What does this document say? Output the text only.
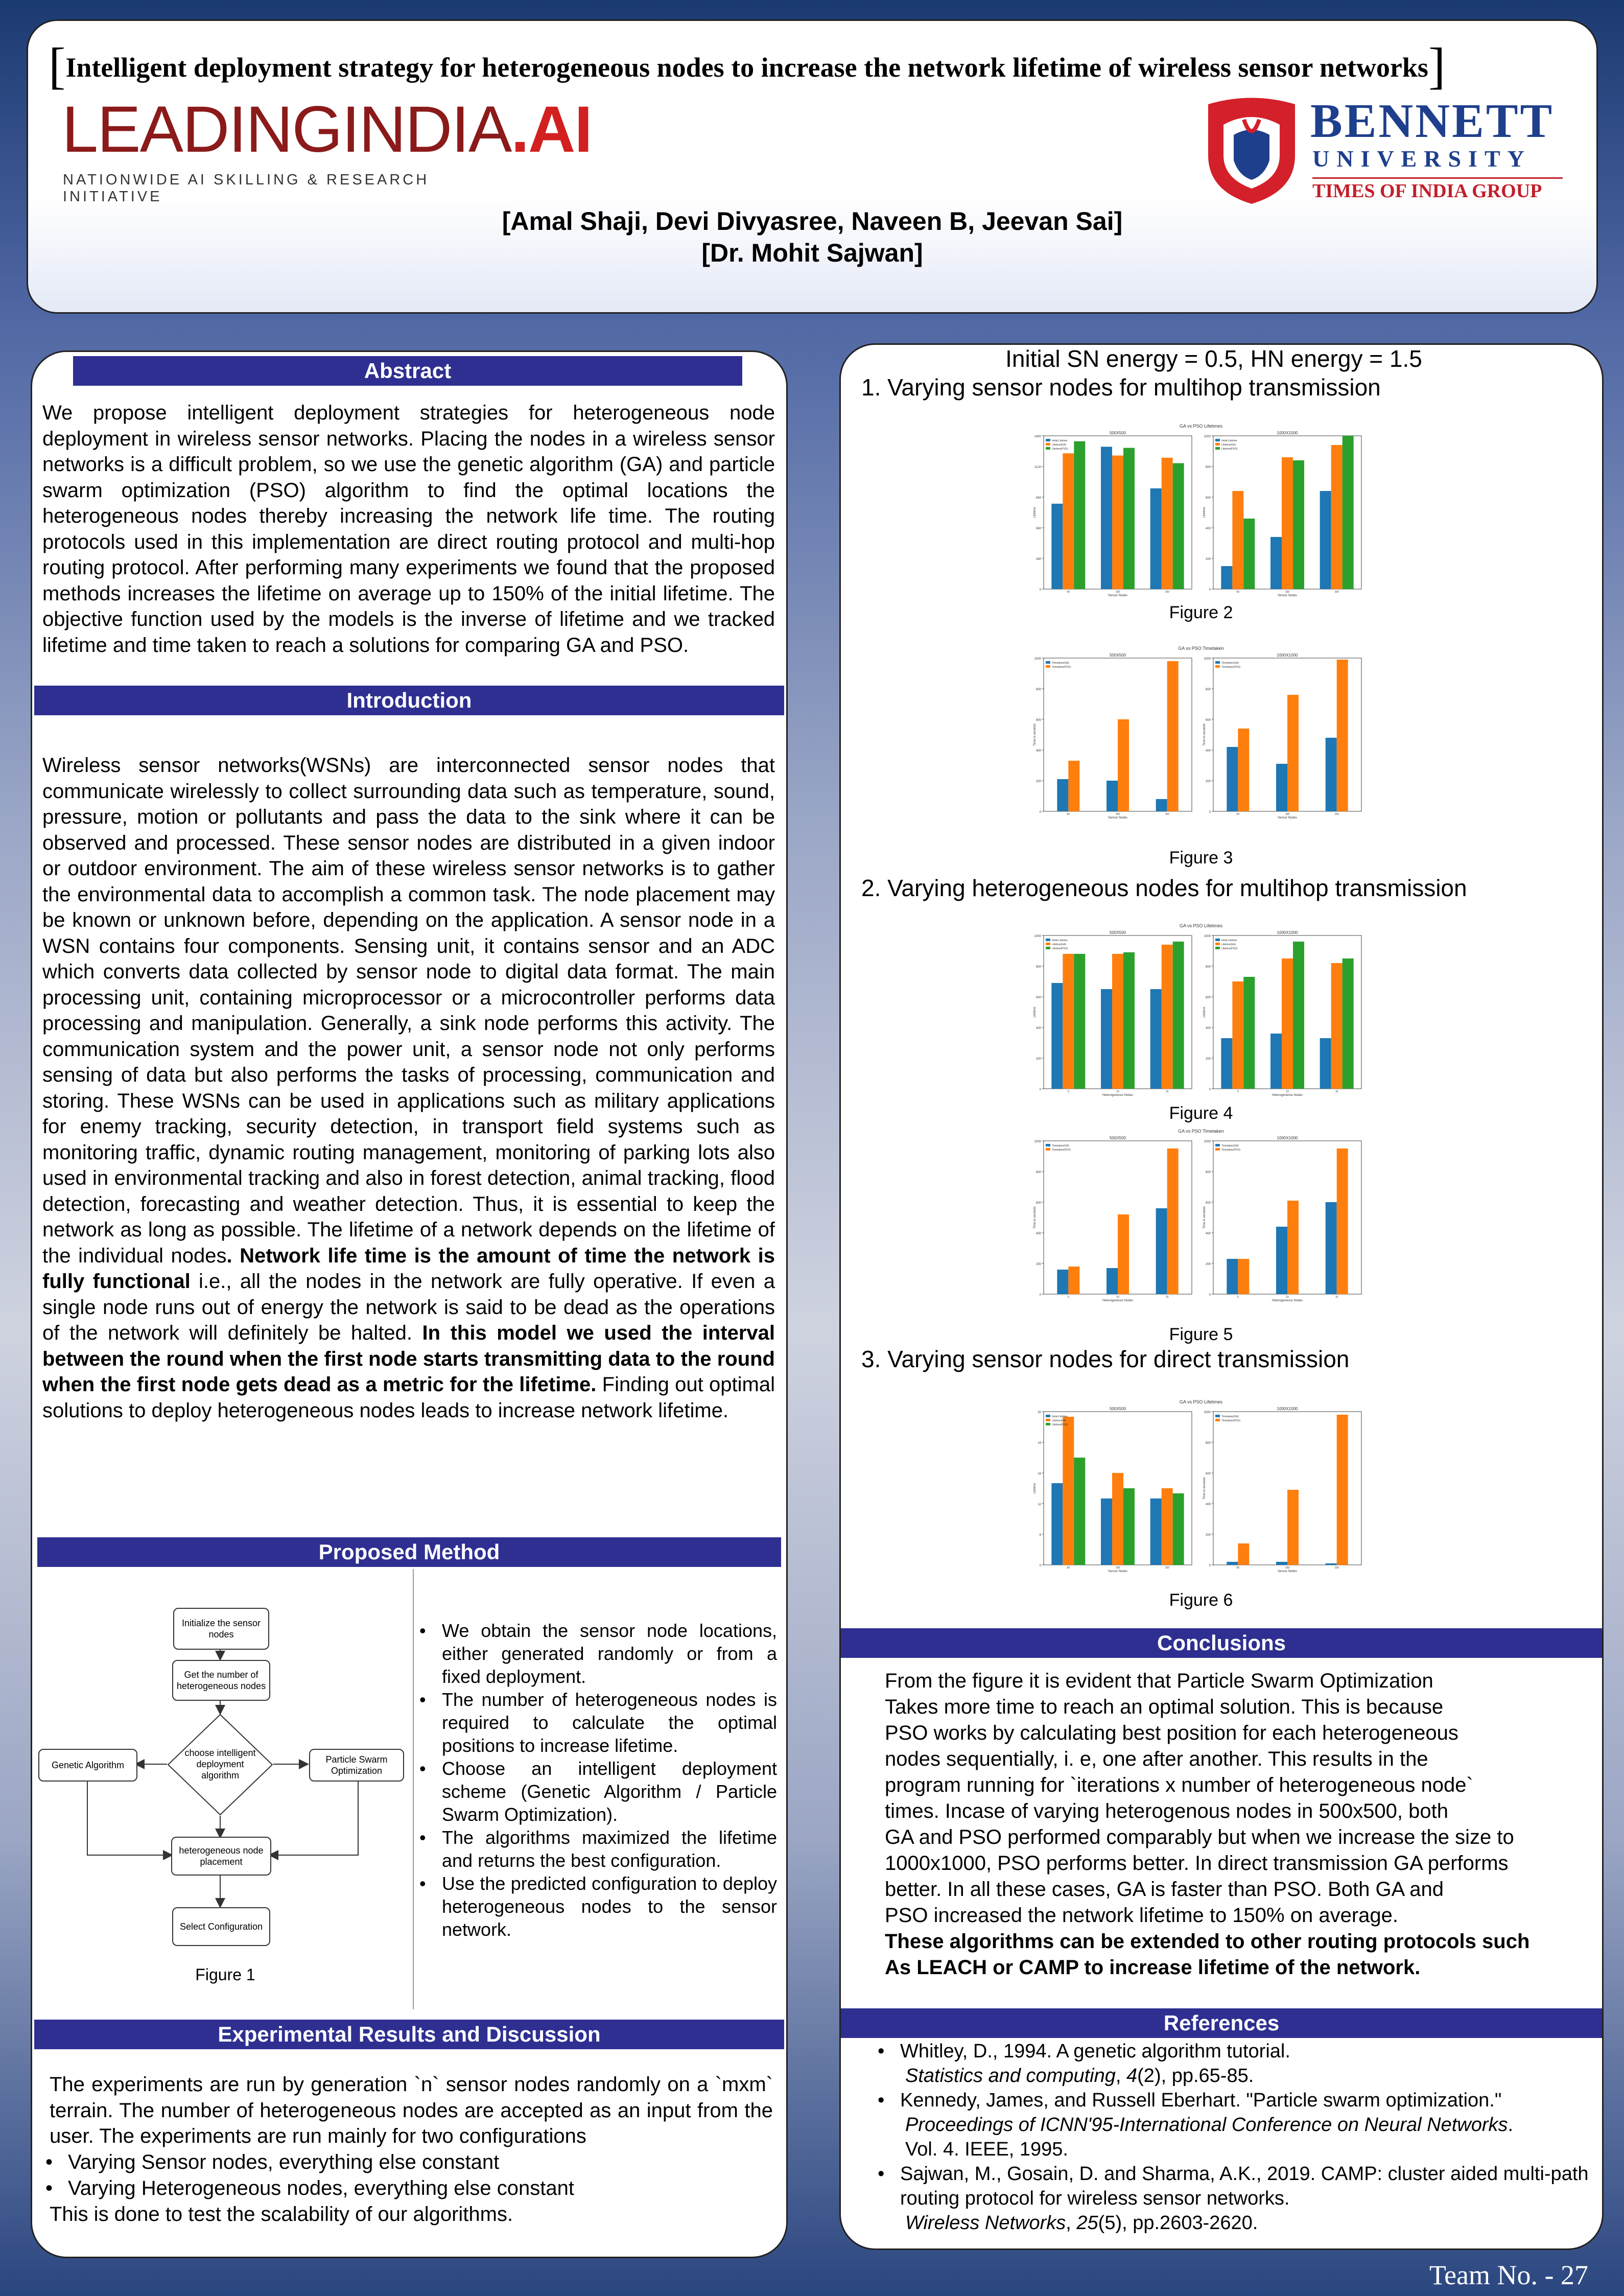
[Intelligent deployment strategy for heterogeneous nodes to increase the network lifetime of wireless sensor networks]
LEADINGINDIA.AI
NATIONWIDE AI SKILLING & RESEARCH INITIATIVE
BENNETT
UNIVERSITY
TIMES OF INDIA GROUP
[Amal Shaji, Devi Divyasree, Naveen B, Jeevan Sai]
[Dr. Mohit Sajwan]
Abstract
We propose intelligent deployment strategies for heterogeneous node deployment in wireless sensor networks. Placing the nodes in a wireless sensor networks is a difficult problem, so we use the genetic algorithm (GA) and particle swarm optimization (PSO) algorithm to find the optimal locations the heterogeneous nodes thereby increasing the network life time. The routing protocols used in this implementation are direct routing protocol and multi-hop routing protocol. After performing many experiments we found that the proposed methods increases the lifetime on average up to 150% of the initial lifetime. The objective function used by the models is the inverse of lifetime and we tracked lifetime and time taken to reach a solutions for comparing GA and PSO.
Introduction
Wireless sensor networks(WSNs) are interconnected sensor nodes that communicate wirelessly to collect surrounding data such as temperature, sound, pressure, motion or pollutants and pass the data to the sink where it can be observed and processed. These sensor nodes are distributed in a given indoor or outdoor environment. The aim of these wireless sensor networks is to gather the environmental data to accomplish a common task. The node placement may be known or unknown before, depending on the application. A sensor node in a WSN contains four components. Sensing unit, it contains sensor and an ADC which converts data collected by sensor node to digital data format. The main processing unit, containing microprocessor or a microcontroller performs data processing and manipulation. Generally, a sink node performs this activity. The communication system and the power unit, a sensor node not only performs sensing of data but also performs the tasks of processing, communication and storing. These WSNs can be used in applications such as military applications for enemy tracking, security detection, in transport field systems such as monitoring traffic, dynamic routing management, monitoring of parking lots also used in environmental tracking and also in forest detection, animal tracking, flood detection, forecasting and weather detection. Thus, it is essential to keep the network as long as possible. The lifetime of a network depends on the lifetime of the individual nodes. Network life time is the amount of time the network is fully functional i.e., all the nodes in the network are fully operative. If even a single node runs out of energy the network is said to be dead as the operations of the network will definitely be halted. In this model we used the interval between the round when the first node starts transmitting data to the round when the first node gets dead as a metric for the lifetime. Finding out optimal solutions to deploy heterogeneous nodes leads to increase network lifetime.
Proposed Method
Initialize the sensor nodes
Get the number of heterogeneous nodes
choose intelligent deployment algorithm
Genetic Algorithm
Particle Swarm Optimization
heterogeneous node placement
Select Configuration
Figure 1
• We obtain the sensor node locations, either generated randomly or from a fixed deployment.
• The number of heterogeneous nodes is required to calculate the optimal positions to increase lifetime.
• Choose an intelligent deployment scheme (Genetic Algorithm / Particle Swarm Optimization).
• The algorithms maximized the lifetime and returns the best configuration.
• Use the predicted configuration to deploy heterogeneous nodes to the sensor network.
Experimental Results and Discussion
The experiments are run by generation `n` sensor nodes randomly on a `mxm` terrain. The number of heterogeneous nodes are accepted as an input from the user. The experiments are run mainly for two configurations
• Varying Sensor nodes, everything else constant
• Varying Heterogeneous nodes, everything else constant
This is done to test the scalability of our algorithms.
Initial SN energy = 0.5, HN energy = 1.5
1. Varying sensor nodes for multihop transmission
GA vs PSO Lifetimes
500X500
0
280
560
840
1120
1400
Lifetime
Sensor Nodes
50	100	150
Initial Lifetime
Lifetime(GA)
Lifetime(PSO)
1000X1000
0
200
400
600
800
1000
Lifetime
Sensor Nodes
50	100	150
Initial Lifetime
Lifetime(GA)
Lifetime(PSO)
Figure 2
GA vs PSO Timetaken
500X500
0
200
400
600
800
1000
Time in seconds
Sensor Nodes
50	100	150
Timetaken(GA)
Timetaken(PSO)
1000X1000
0
200
400
600
800
1000
Time in seconds
Sensor Nodes
50	100	150
Timetaken(GA)
Timetaken(PSO)
Figure 3
2. Varying heterogeneous nodes for multihop transmission
GA vs PSO Lifetimes
500X500
0
200
400
600
800
1000
Lifetime
Heterogeneous Nodes
5	10	15
Initial Lifetime
Lifetime(GA)
Lifetime(PSO)
1000X1000
0
200
400
600
800
1000
Lifetime
Heterogeneous Nodes
5	10	15
Initial Lifetime
Lifetime(GA)
Lifetime(PSO)
Figure 4
GA vs PSO Timetaken
500X500
0
200
400
600
800
1000
Time in seconds
Heterogeneous Nodes
5	10	15
Timetaken(GA)
Timetaken(PSO)
1000X1000
0
200
400
600
800
1000
Time in seconds
Heterogeneous Nodes
5	10	15
Timetaken(GA)
Timetaken(PSO)
Figure 5
3. Varying sensor nodes for direct transmission
GA vs PSO Lifetimes
500X500
0
6
12
18
24
30
Lifetime
Sensor Nodes
50	100	150
Initial Lifetime
Lifetime(GA)
Lifetime(PSO)
1000X1000
0
200
400
600
800
1000
Time in seconds
Sensor Nodes
50	100	150
Timetaken(GA)
Timetaken(PSO)
Figure 6
Conclusions
From the figure it is evident that Particle Swarm Optimization
Takes more time to reach an optimal solution. This is because
PSO works by calculating best position for each heterogeneous
nodes sequentially, i. e, one after another. This results in the
program running for `iterations x number of heterogeneous node`
times. Incase of varying heterogenous nodes in 500x500, both
GA and PSO performed comparably but when we increase the size to
1000x1000, PSO performs better. In direct transmission GA performs
better. In all these cases, GA is faster than PSO. Both GA and
PSO increased the network lifetime to 150% on average.
These algorithms can be extended to other routing protocols such
As LEACH or CAMP to increase lifetime of the network.
References
• Whitley, D., 1994. A genetic algorithm tutorial.
Statistics and computing, 4(2), pp.65-85.
• Kennedy, James, and Russell Eberhart. "Particle swarm optimization."
Proceedings of ICNN'95-International Conference on Neural Networks.
Vol. 4. IEEE, 1995.
• Sajwan, M., Gosain, D. and Sharma, A.K., 2019. CAMP: cluster aided multi-path routing protocol for wireless sensor networks.
Wireless Networks, 25(5), pp.2603-2620.
Team No. - 27
